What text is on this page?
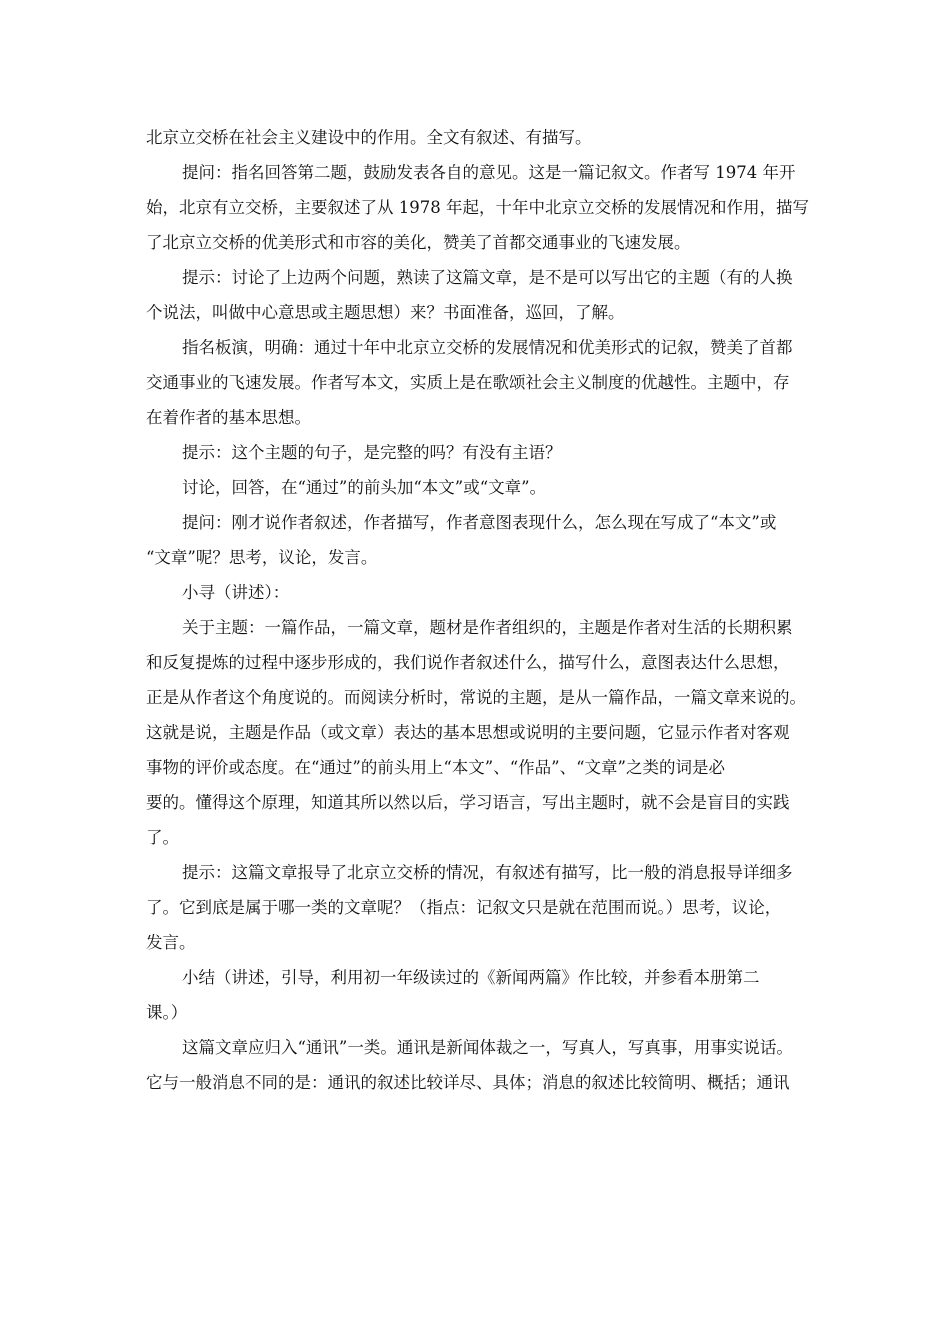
北京立交桥在社会主义建设中的作用。全文有叙述、有描写。
提问：指名回答第二题，鼓励发表各自的意见。这是一篇记叙文。作者写 1974 年开
始，北京有立交桥，主要叙述了从 1978 年起，十年中北京立交桥的发展情况和作用，描写
了北京立交桥的优美形式和市容的美化，赞美了首都交通事业的飞速发展。
提示：讨论了上边两个问题，熟读了这篇文章，是不是可以写出它的主题（有的人换
个说法，叫做中心意思或主题思想）来？书面准备，巡回，了解。
指名板演，明确：通过十年中北京立交桥的发展情况和优美形式的记叙，赞美了首都
交通事业的飞速发展。作者写本文，实质上是在歌颂社会主义制度的优越性。主题中，存
在着作者的基本思想。
提示：这个主题的句子，是完整的吗？有没有主语？
讨论，回答，在“通过”的前头加“本文”或“文章”。
提问：刚才说作者叙述，作者描写，作者意图表现什么，怎么现在写成了“本文”或
“文章”呢？思考，议论，发言。
小寻（讲述）：
关于主题：一篇作品，一篇文章，题材是作者组织的，主题是作者对生活的长期积累
和反复提炼的过程中逐步形成的，我们说作者叙述什么，描写什么，意图表达什么思想，
正是从作者这个角度说的。而阅读分析时，常说的主题，是从一篇作品，一篇文章来说的。
这就是说，主题是作品（或文章）表达的基本思想或说明的主要问题，它显示作者对客观
事物的评价或态度。在“通过”的前头用上“本文”、“作品”、“文章”之类的词是必
要的。懂得这个原理，知道其所以然以后，学习语言，写出主题时，就不会是盲目的实践
了。
提示：这篇文章报导了北京立交桥的情况，有叙述有描写，比一般的消息报导详细多
了。它到底是属于哪一类的文章呢？（指点：记叙文只是就在范围而说。）思考，议论，
发言。
小结（讲述，引导，利用初一年级读过的《新闻两篇》作比较，并参看本册第二
课。）
这篇文章应归入“通讯”一类。通讯是新闻体裁之一，写真人，写真事，用事实说话。
它与一般消息不同的是：通讯的叙述比较详尽、具体；消息的叙述比较简明、概括；通讯
